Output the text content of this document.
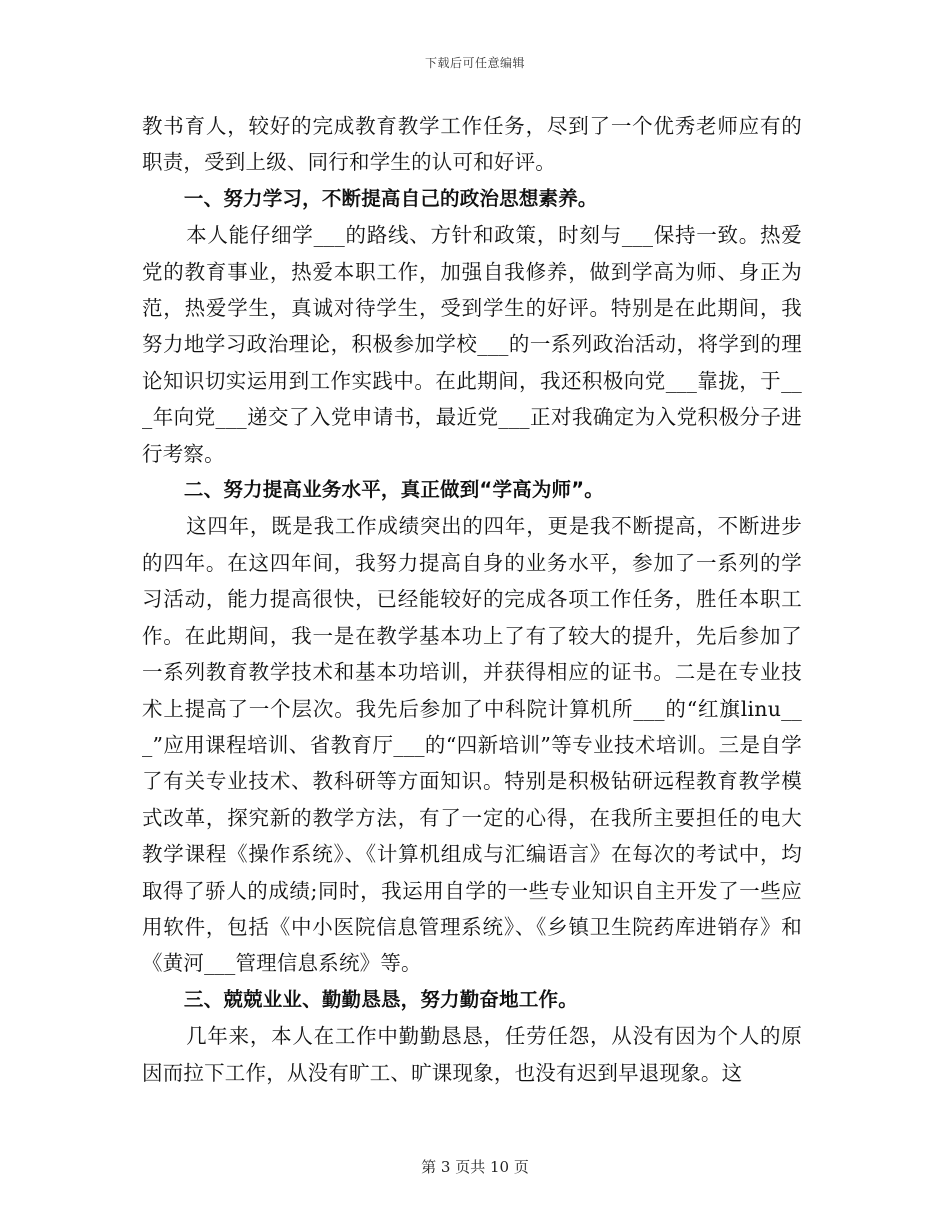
下载后可任意编辑

教书育人，较好的完成教育教学工作任务，尽到了一个优秀老师应有的职责，受到上级、同行和学生的认可和好评。

一、努力学习，不断提高自己的政治思想素养。

本人能仔细学___的路线、方针和政策，时刻与___保持一致。热爱党的教育事业，热爱本职工作，加强自我修养，做到学高为师、身正为范，热爱学生，真诚对待学生，受到学生的好评。特别是在此期间，我努力地学习政治理论，积极参加学校___的一系列政治活动，将学到的理论知识切实运用到工作实践中。在此期间，我还积极向党___靠拢，于___年向党___递交了入党申请书，最近党___正对我确定为入党积极分子进行考察。

二、努力提高业务水平，真正做到“学高为师”。

这四年，既是我工作成绩突出的四年，更是我不断提高，不断进步的四年。在这四年间，我努力提高自身的业务水平，参加了一系列的学习活动，能力提高很快，已经能较好的完成各项工作任务，胜任本职工作。在此期间，我一是在教学基本功上了有了较大的提升，先后参加了一系列教育教学技术和基本功培训，并获得相应的证书。二是在专业技术上提高了一个层次。我先后参加了中科院计算机所___的“红旗linu___”应用课程培训、省教育厅___的“四新培训”等专业技术培训。三是自学了有关专业技术、教科研等方面知识。特别是积极钻研远程教育教学模式改革，探究新的教学方法，有了一定的心得，在我所主要担任的电大教学课程《操作系统》、《计算机组成与汇编语言》在每次的考试中，均取得了骄人的成绩;同时，我运用自学的一些专业知识自主开发了一些应用软件，包括《中小医院信息管理系统》、《乡镇卫生院药库进销存》和《黄河___管理信息系统》等。

三、兢兢业业、勤勤恳恳，努力勤奋地工作。

几年来，本人在工作中勤勤恳恳，任劳任怨，从没有因为个人的原因而拉下工作，从没有旷工、旷课现象，也没有迟到早退现象。这

第 3 页共 10 页
